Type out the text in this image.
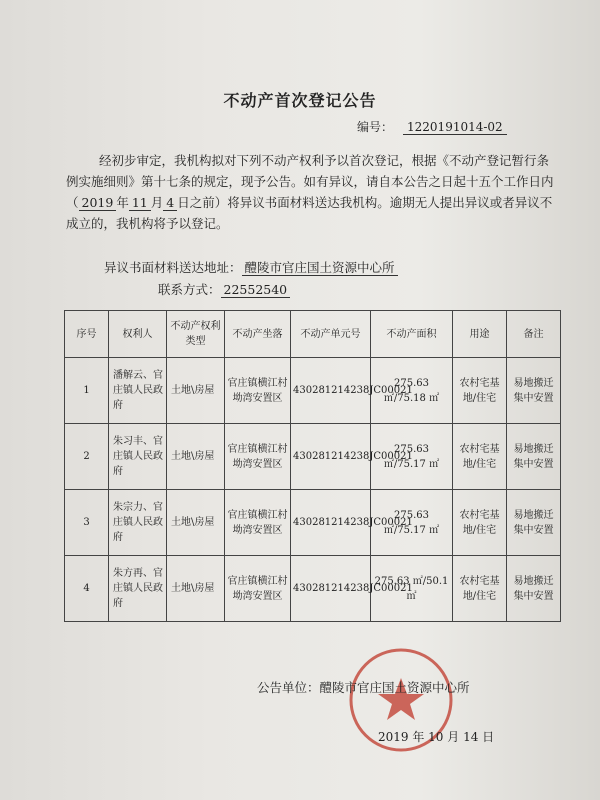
不动产首次登记公告
编号： 1220191014-02
经初步审定，我机构拟对下列不动产权利予以首次登记，根据《不动产登记暂行条例实施细则》第十七条的规定，现予公告。如有异议，请自本公告之日起十五个工作日内（ 2019 年 11 月 4 日之前）将异议书面材料送达我机构。逾期无人提出异议或者异议不成立的，我机构将予以登记。
异议书面材料送达地址： 醴陵市官庄国土资源中心所
联系方式： 22552540
序号	权利人	不动产权利类型	不动产坐落	不动产单元号	不动产面积	用途	备注
1	潘解云、官庄镇人民政府	土地\房屋	官庄镇横江村坳湾安置区	430281214238JC00021	275.63 ㎡/75.18 ㎡	农村宅基地/住宅	易地搬迁集中安置
2	朱习丰、官庄镇人民政府	土地\房屋	官庄镇横江村坳湾安置区	430281214238JC00021	275.63 ㎡/75.17 ㎡	农村宅基地/住宅	易地搬迁集中安置
3	朱宗力、官庄镇人民政府	土地\房屋	官庄镇横江村坳湾安置区	430281214238JC00021	275.63 ㎡/75.17 ㎡	农村宅基地/住宅	易地搬迁集中安置
4	朱方再、官庄镇人民政府	土地\房屋	官庄镇横江村坳湾安置区	430281214238JC00021	275.63 ㎡/50.1 ㎡	农村宅基地/住宅	易地搬迁集中安置
公告单位：醴陵市官庄国土资源中心所
2019 年 10 月 14 日
